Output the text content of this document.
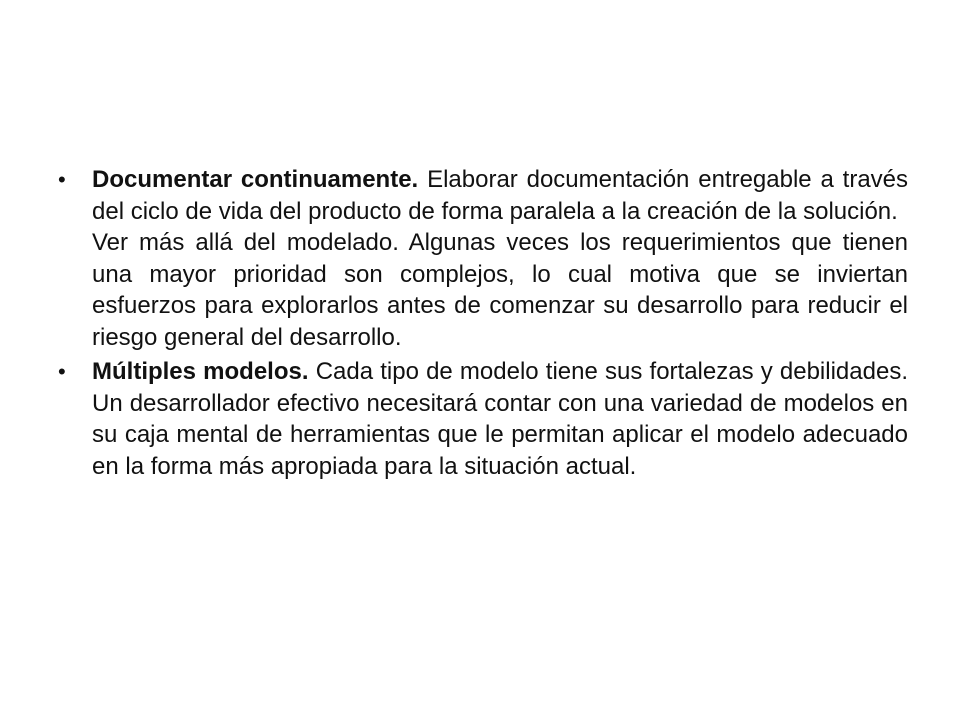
• Documentar continuamente. Elaborar documentación entregable a través del ciclo de vida del producto de forma paralela a la creación de la solución.
Ver más allá del modelado. Algunas veces los requerimientos que tienen una mayor prioridad son complejos, lo cual motiva que se inviertan esfuerzos para explorarlos antes de comenzar su desarrollo para reducir el riesgo general del desarrollo.
• Múltiples modelos. Cada tipo de modelo tiene sus fortalezas y debilidades. Un desarrollador efectivo necesitará contar con una variedad de modelos en su caja mental de herramientas que le permitan aplicar el modelo adecuado en la forma más apropiada para la situación actual.
